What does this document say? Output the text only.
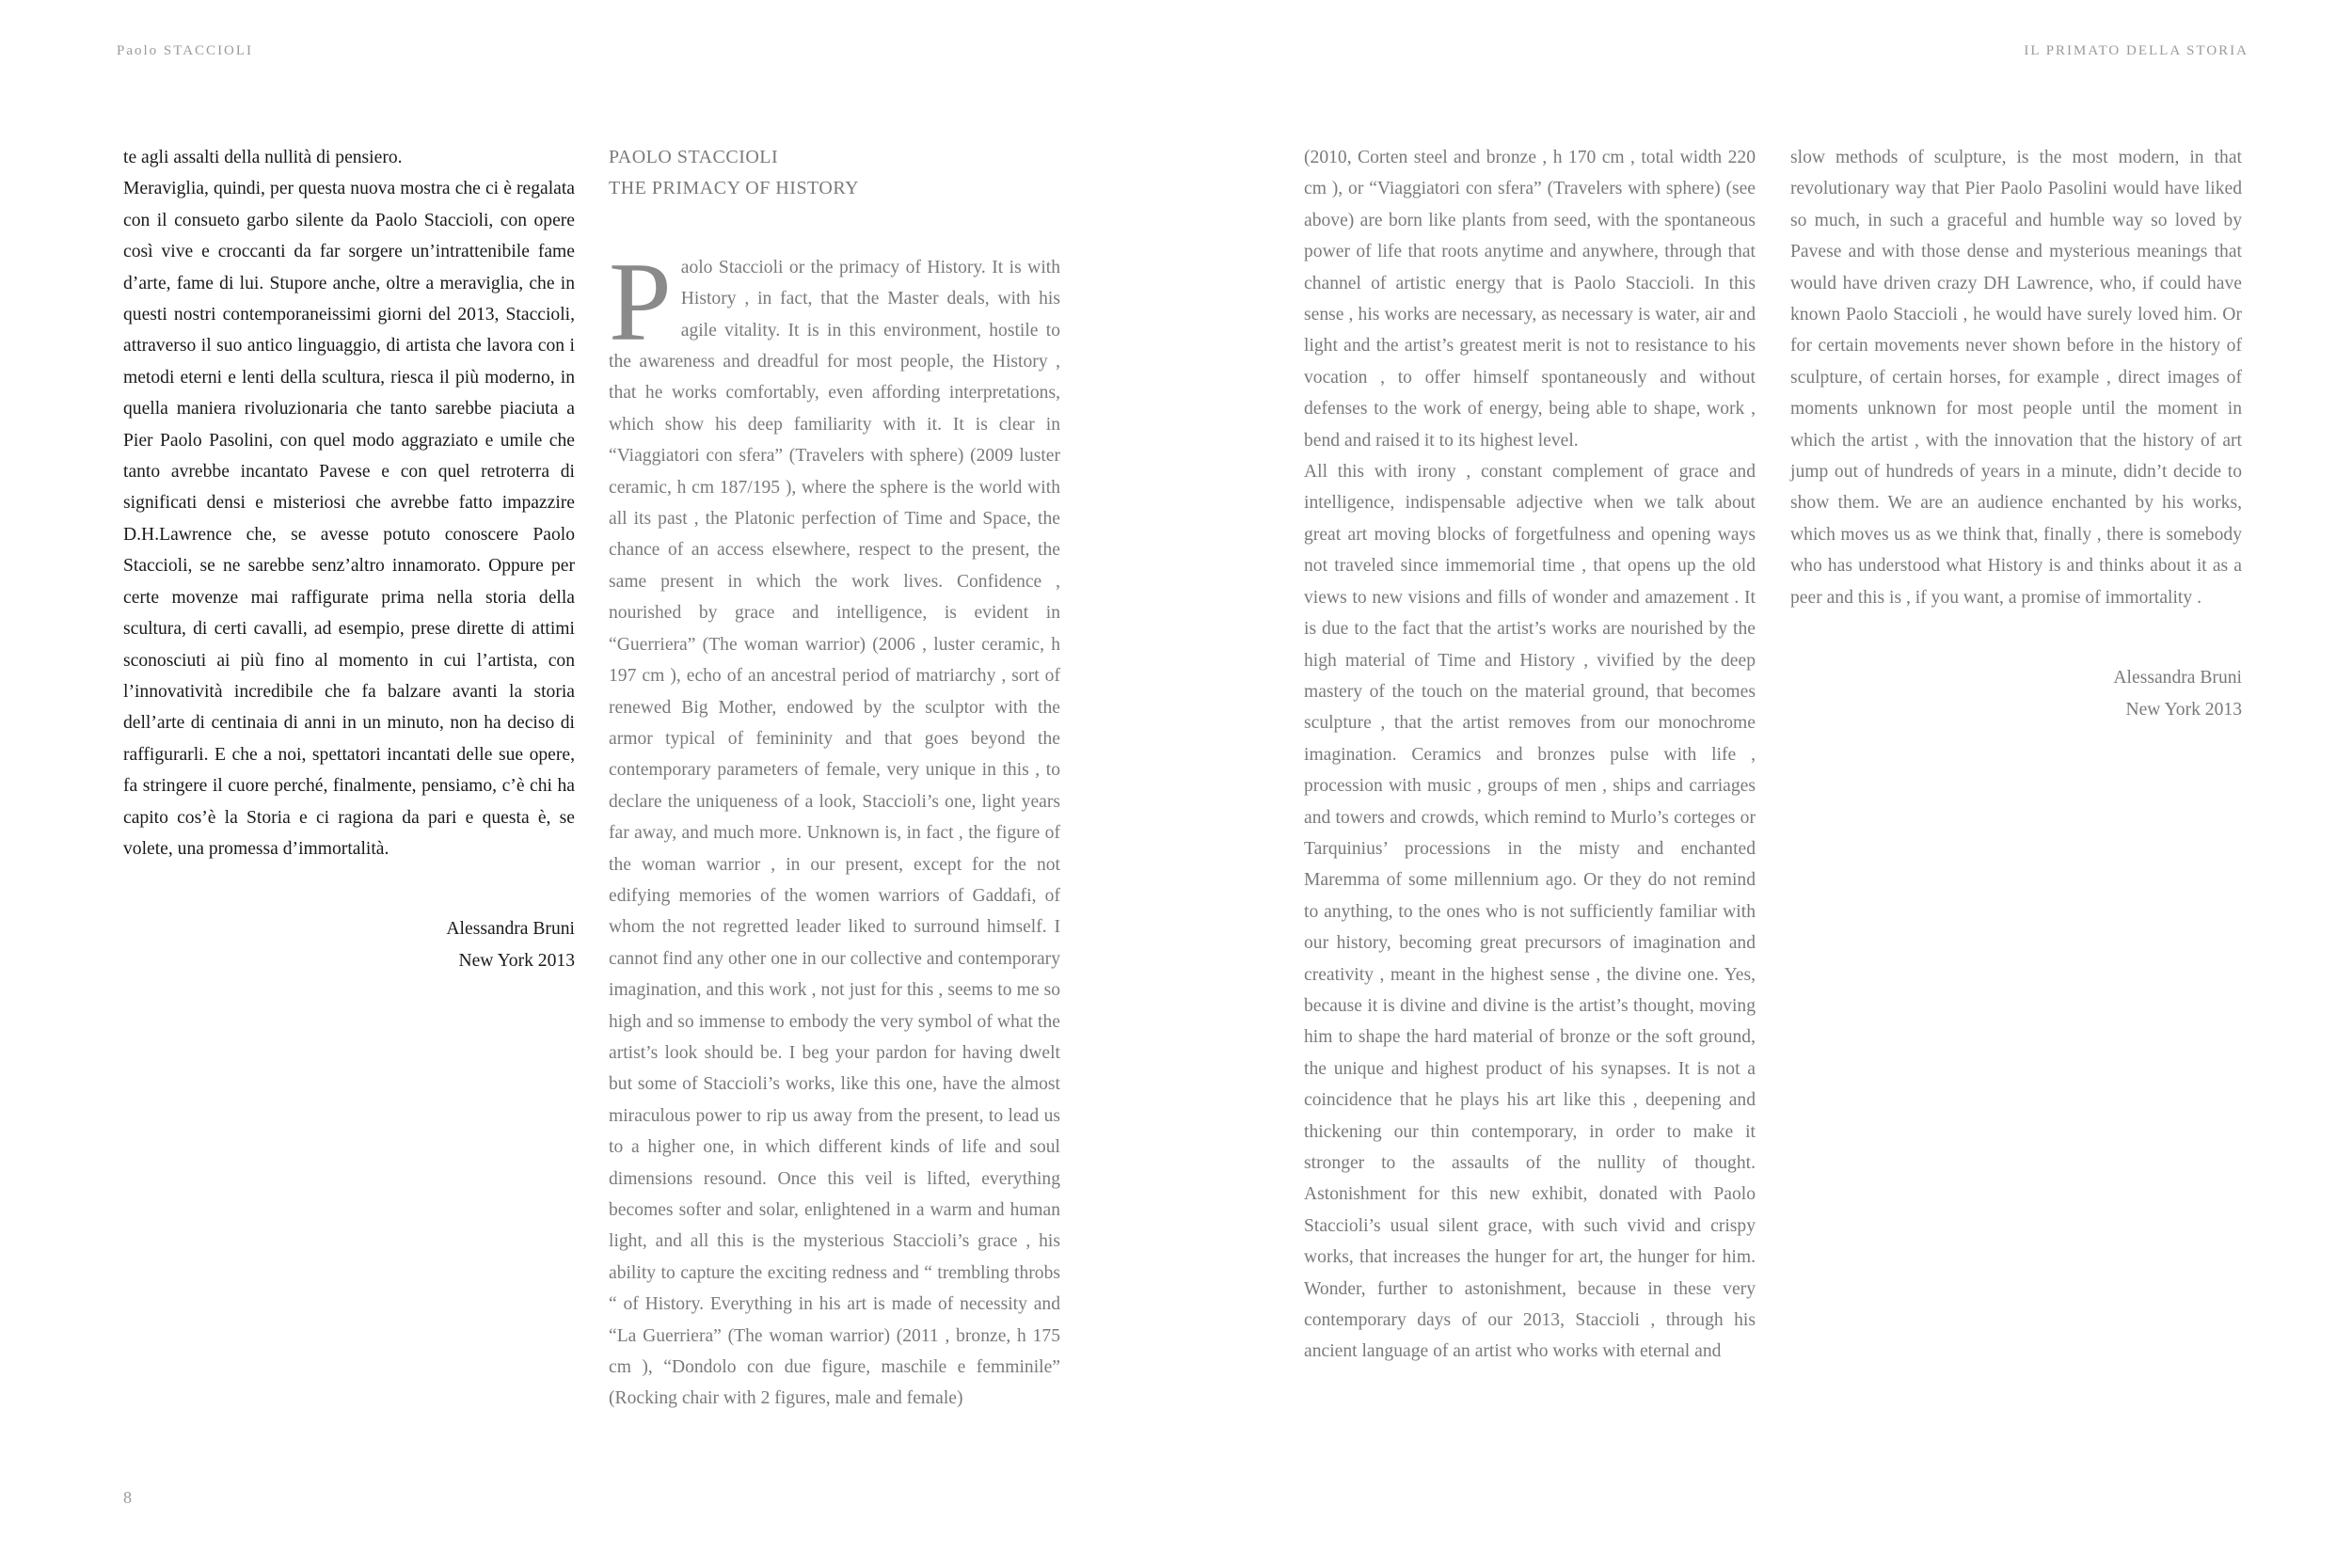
Paolo STACCIOLI	IL PRIMATO DELLA STORIA

te agli assalti della nullità di pensiero.
Meraviglia, quindi, per questa nuova mostra che ci è regalata con il consueto garbo silente da Paolo Staccioli, con opere così vive e croccanti da far sorgere un’intrattenibile fame d’arte, fame di lui. Stupore anche, oltre a meraviglia, che in questi nostri contemporaneissimi giorni del 2013, Staccioli, attraverso il suo antico linguaggio, di artista che lavora con i metodi eterni e lenti della scultura, riesca il più moderno, in quella maniera rivoluzionaria che tanto sarebbe piaciuta a Pier Paolo Pasolini, con quel modo aggraziato e umile che tanto avrebbe incantato Pavese e con quel retroterra di significati densi e misteriosi che avrebbe fatto impazzire D.H.Lawrence che, se avesse potuto conoscere Paolo Staccioli, se ne sarebbe senz’altro innamorato. Oppure per certe movenze mai raffigurate prima nella storia della scultura, di certi cavalli, ad esempio, prese dirette di attimi sconosciuti ai più fino al momento in cui l’artista, con l’innovatività incredibile che fa balzare avanti la storia dell’arte di centinaia di anni in un minuto, non ha deciso di raffigurarli. E che a noi, spettatori incantati delle sue opere, fa stringere il cuore perché, finalmente, pensiamo, c’è chi ha capito cos’è la Storia e ci ragiona da pari e questa è, se volete, una promessa d’immortalità.

Alessandra Bruni
New York 2013
PAOLO STACCIOLI
THE PRIMACY OF HISTORY

Paolo Staccioli or the primacy of History. It is with History , in fact, that the Master deals, with his agile vitality. It is in this environment, hostile to the awareness and dreadful for most people, the History , that he works comfortably, even affording interpretations, which show his deep familiarity with it. It is clear in “Viaggiatori con sfera” (Travelers with sphere) (2009 luster ceramic, h cm 187/195 ), where the sphere is the world with all its past , the Platonic perfection of Time and Space, the chance of an access elsewhere, respect to the present, the same present in which the work lives. Confidence , nourished by grace and intelligence, is evident in “Guerriera” (The woman warrior) (2006 , luster ceramic, h 197 cm ), echo of an ancestral period of matriarchy , sort of renewed Big Mother, endowed by the sculptor with the armor typical of femininity and that goes beyond the contemporary parameters of female, very unique in this , to declare the uniqueness of a look, Staccioli’s one, light years far away, and much more. Unknown is, in fact , the figure of the woman warrior , in our present, except for the not edifying memories of the women warriors of Gaddafi, of whom the not regretted leader liked to surround himself. I cannot find any other one in our collective and contemporary imagination, and this work , not just for this , seems to me so high and so immense to embody the very symbol of what the artist’s look should be. I beg your pardon for having dwelt but some of Staccioli’s works, like this one, have the almost miraculous power to rip us away from the present, to lead us to a higher one, in which different kinds of life and soul dimensions resound. Once this veil is lifted, everything becomes softer and solar, enlightened in a warm and human light, and all this is the mysterious Staccioli’s grace , his ability to capture the exciting redness and “ trembling throbs “ of History. Everything in his art is made of necessity and “La Guerriera” (The woman warrior) (2011 , bronze, h 175 cm ), “Dondolo con due figure, maschile e femminile” (Rocking chair with 2 figures, male and female)

(2010, Corten steel and bronze , h 170 cm , total width 220 cm ), or “Viaggiatori con sfera” (Travelers with sphere) (see above) are born like plants from seed, with the spontaneous power of life that roots anytime and anywhere, through that channel of artistic energy that is Paolo Staccioli. In this sense , his works are necessary, as necessary is water, air and light and the artist’s greatest merit is not to resistance to his vocation , to offer himself spontaneously and without defenses to the work of energy, being able to shape, work , bend and raised it to its highest level.
All this with irony , constant complement of grace and intelligence, indispensable adjective when we talk about great art moving blocks of forgetfulness and opening ways not traveled since immemorial time , that opens up the old views to new visions and fills of wonder and amazement . It is due to the fact that the artist’s works are nourished by the high material of Time and History , vivified by the deep mastery of the touch on the material ground, that becomes sculpture , that the artist removes from our monochrome imagination. Ceramics and bronzes pulse with life , procession with music , groups of men , ships and carriages and towers and crowds, which remind to Murlo’s corteges or Tarquinius’ processions in the misty and enchanted Maremma of some millennium ago. Or they do not remind to anything, to the ones who is not sufficiently familiar with our history, becoming great precursors of imagination and creativity , meant in the highest sense , the divine one. Yes, because it is divine and divine is the artist’s thought, moving him to shape the hard material of bronze or the soft ground, the unique and highest product of his synapses. It is not a coincidence that he plays his art like this , deepening and thickening our thin contemporary, in order to make it stronger to the assaults of the nullity of thought. Astonishment for this new exhibit, donated with Paolo Staccioli’s usual silent grace, with such vivid and crispy works, that increases the hunger for art, the hunger for him. Wonder, further to astonishment, because in these very contemporary days of our 2013, Staccioli , through his ancient language of an artist who works with eternal and

slow methods of sculpture, is the most modern, in that revolutionary way that Pier Paolo Pasolini would have liked so much, in such a graceful and humble way so loved by Pavese and with those dense and mysterious meanings that would have driven crazy DH Lawrence, who, if could have known Paolo Staccioli , he would have surely loved him. Or for certain movements never shown before in the history of sculpture, of certain horses, for example , direct images of moments unknown for most people until the moment in which the artist , with the innovation that the history of art jump out of hundreds of years in a minute, didn’t decide to show them. We are an audience enchanted by his works, which moves us as we think that, finally , there is somebody who has understood what History is and thinks about it as a peer and this is , if you want, a promise of immortality .

Alessandra Bruni
New York 2013
8
